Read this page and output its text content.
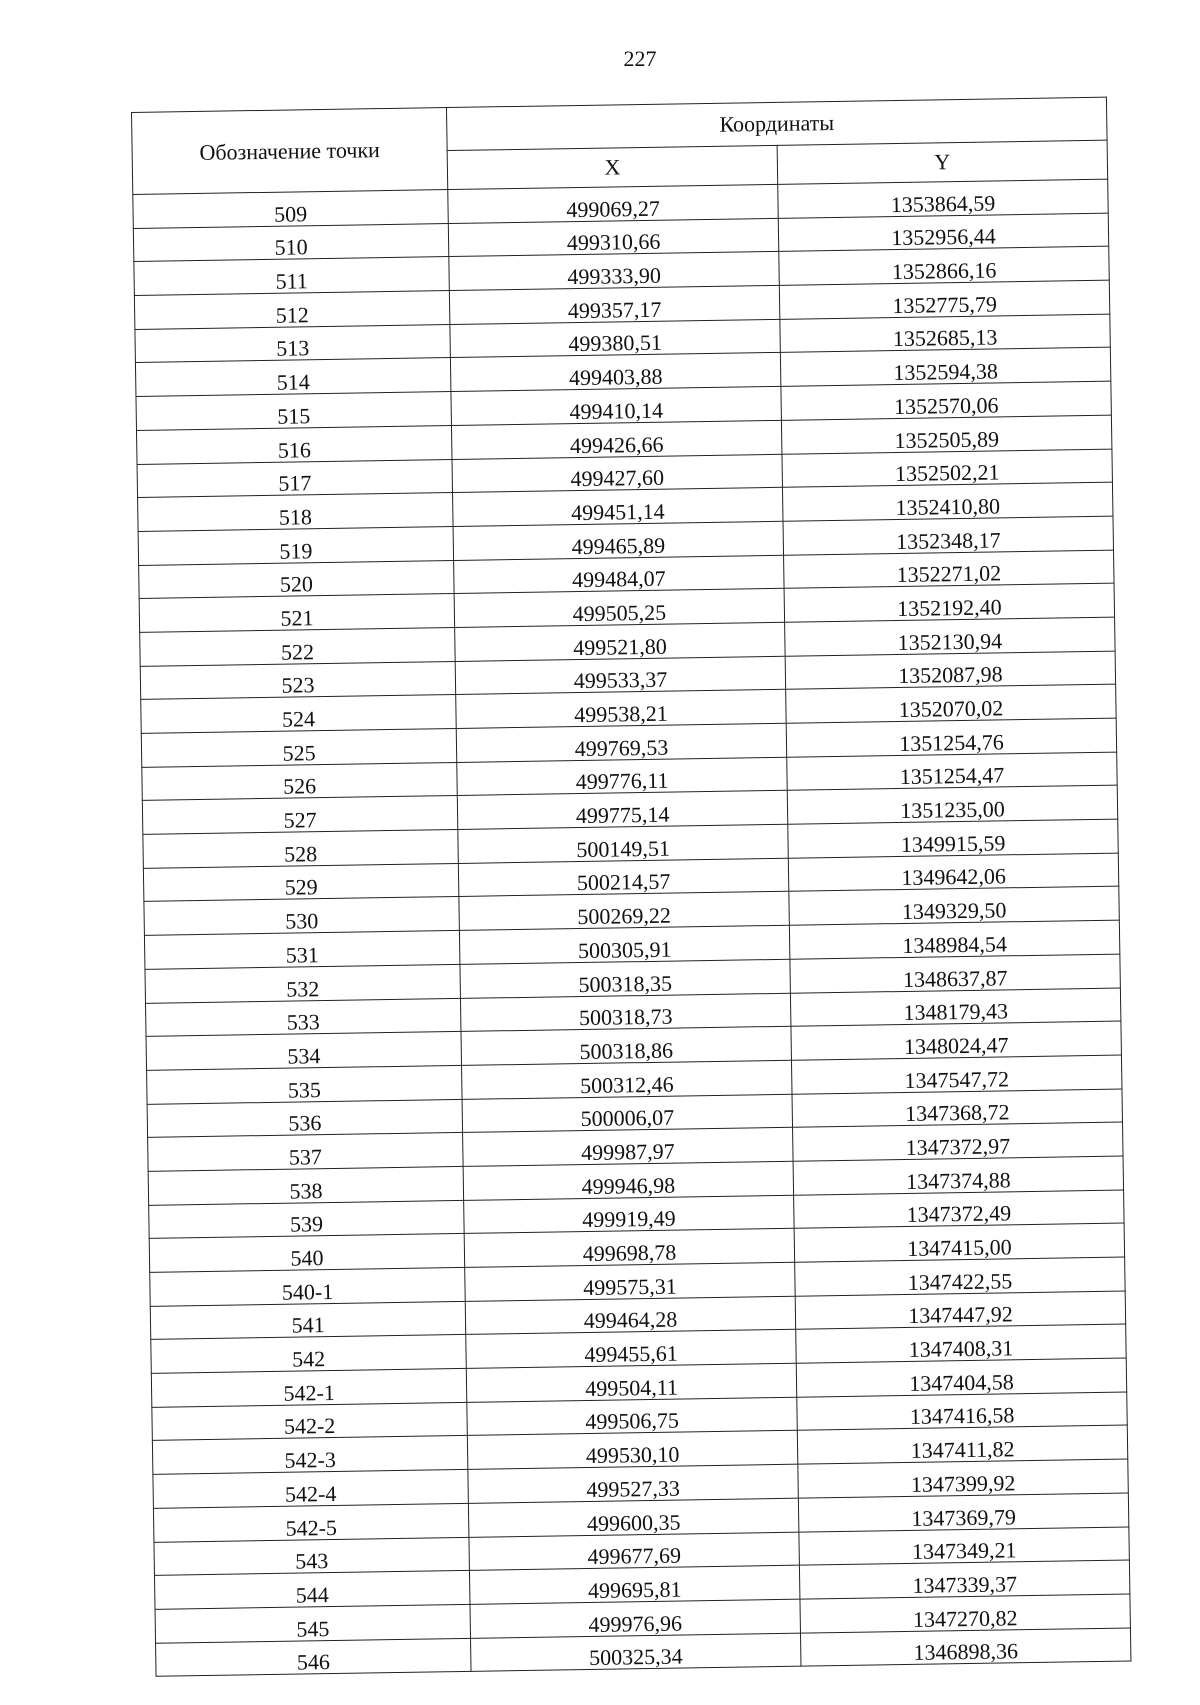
227
Обозначение точки	Координаты	
	X	Y
509	499069,27	1353864,59
510	499310,66	1352956,44
511	499333,90	1352866,16
512	499357,17	1352775,79
513	499380,51	1352685,13
514	499403,88	1352594,38
515	499410,14	1352570,06
516	499426,66	1352505,89
517	499427,60	1352502,21
518	499451,14	1352410,80
519	499465,89	1352348,17
520	499484,07	1352271,02
521	499505,25	1352192,40
522	499521,80	1352130,94
523	499533,37	1352087,98
524	499538,21	1352070,02
525	499769,53	1351254,76
526	499776,11	1351254,47
527	499775,14	1351235,00
528	500149,51	1349915,59
529	500214,57	1349642,06
530	500269,22	1349329,50
531	500305,91	1348984,54
532	500318,35	1348637,87
533	500318,73	1348179,43
534	500318,86	1348024,47
535	500312,46	1347547,72
536	500006,07	1347368,72
537	499987,97	1347372,97
538	499946,98	1347374,88
539	499919,49	1347372,49
540	499698,78	1347415,00
540-1	499575,31	1347422,55
541	499464,28	1347447,92
542	499455,61	1347408,31
542-1	499504,11	1347404,58
542-2	499506,75	1347416,58
542-3	499530,10	1347411,82
542-4	499527,33	1347399,92
542-5	499600,35	1347369,79
543	499677,69	1347349,21
544	499695,81	1347339,37
545	499976,96	1347270,82
546	500325,34	1346898,36
